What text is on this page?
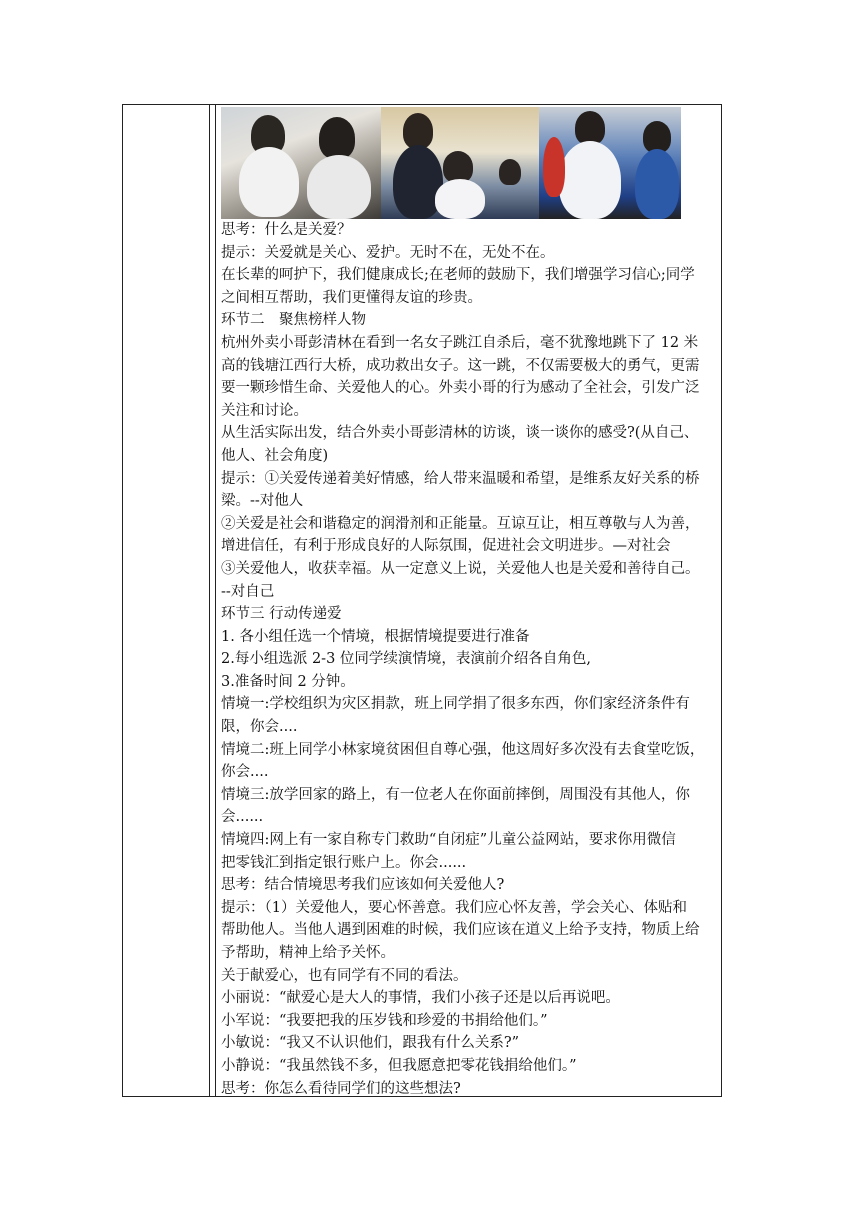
思考：什么是关爱？
提示：关爱就是关心、爱护。无时不在，无处不在。
在长辈的呵护下，我们健康成长;在老师的鼓励下，我们增强学习信心;同学
之间相互帮助，我们更懂得友谊的珍贵。
环节二　聚焦榜样人物
杭州外卖小哥彭清林在看到一名女子跳江自杀后，毫不犹豫地跳下了 12 米
高的钱塘江西行大桥，成功救出女子。这一跳，不仅需要极大的勇气，更需
要一颗珍惜生命、关爱他人的心。外卖小哥的行为感动了全社会，引发广泛
关注和讨论。
从生活实际出发，结合外卖小哥彭清林的访谈，谈一谈你的感受?(从自己、
他人、社会角度)
提示：①关爱传递着美好情感，给人带来温暖和希望，是维系友好关系的桥
梁。--对他人
②关爱是社会和谐稳定的润滑剂和正能量。互谅互让，相互尊敬与人为善，
增进信任，有利于形成良好的人际氛围，促进社会文明进步。—对社会
③关爱他人，收获幸福。从一定意义上说，关爱他人也是关爱和善待自己。
--对自己
环节三 行动传递爱
1. 各小组任选一个情境，根据情境提要进行准备
2.每小组选派 2-3 位同学续演情境，表演前介绍各自角色,
3.准备时间 2 分钟。
情境一:学校组织为灾区捐款，班上同学捐了很多东西，你们家经济条件有
限，你会....
情境二:班上同学小林家境贫困但自尊心强，他这周好多次没有去食堂吃饭，
你会....
情境三:放学回家的路上，有一位老人在你面前摔倒，周围没有其他人，你
会......
情境四:网上有一家自称专门救助“自闭症”儿童公益网站，要求你用微信
把零钱汇到指定银行账户上。你会......
思考：结合情境思考我们应该如何关爱他人?
提示：（1）关爱他人，要心怀善意。我们应心怀友善，学会关心、体贴和
帮助他人。当他人遇到困难的时候，我们应该在道义上给予支持，物质上给
予帮助，精神上给予关怀。
关于献爱心，也有同学有不同的看法。
小丽说：“献爱心是大人的事情，我们小孩子还是以后再说吧。
小军说：“我要把我的压岁钱和珍爱的书捐给他们。”
小敏说：“我又不认识他们，跟我有什么关系?”
小静说：“我虽然钱不多，但我愿意把零花钱捐给他们。”
思考：你怎么看待同学们的这些想法?
